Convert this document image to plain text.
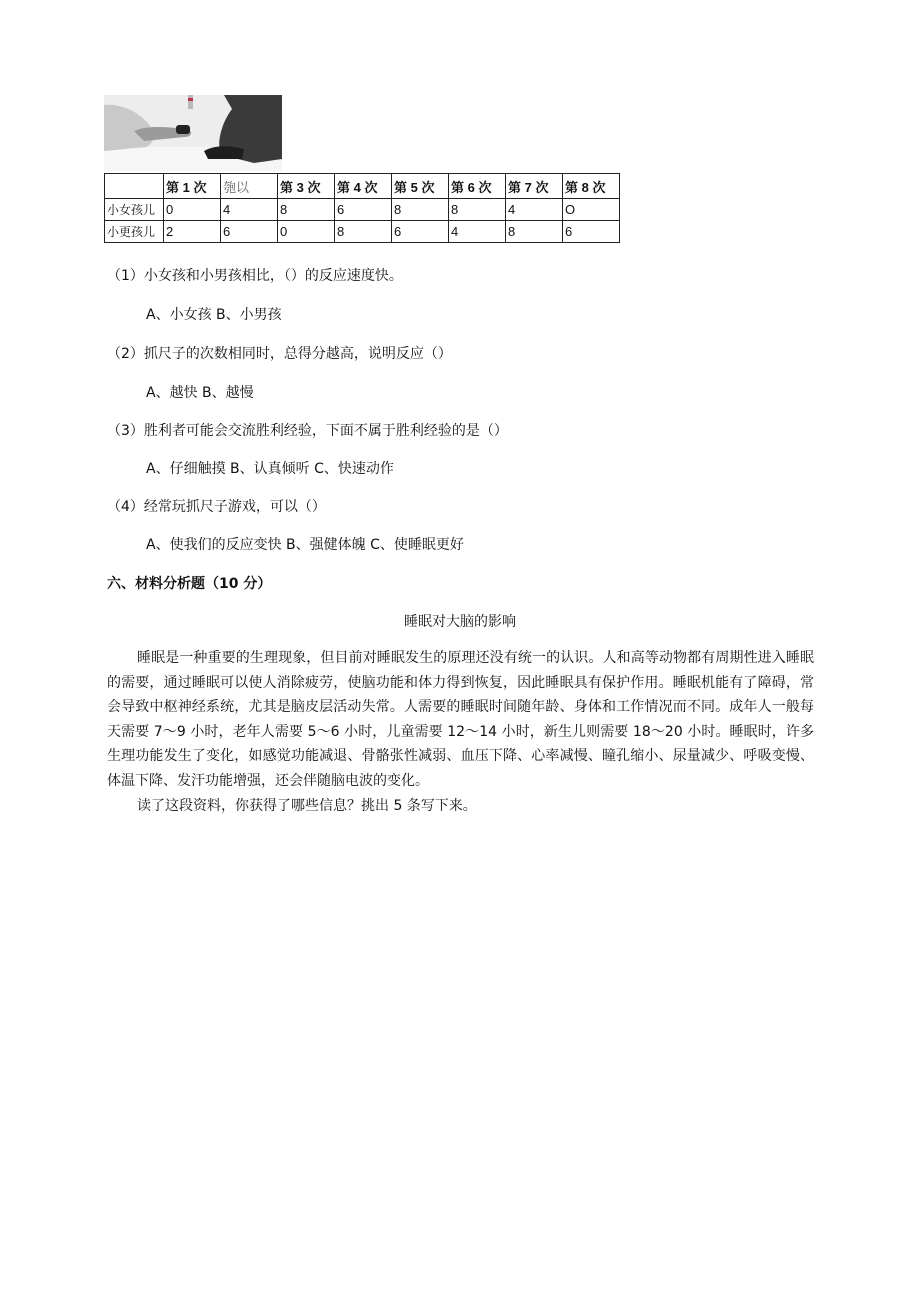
	第 1 次	匏以	第 3 次	第 4 次	第 5 次	第 6 次	第 7 次	第 8 次
小女孩儿	0	4	8	6	8	8	4	O
小更孩儿	2	6	0	8	6	4	8	6
（1）小女孩和小男孩相比，（）的反应速度快。
A、小女孩 B、小男孩
（2）抓尺子的次数相同时，总得分越高，说明反应（）
A、越快 B、越慢
（3）胜利者可能会交流胜利经验，下面不属于胜利经验的是（）
A、仔细触摸 B、认真倾听 C、快速动作
（4）经常玩抓尺子游戏，可以（）
A、使我们的反应变快 B、强健体魄 C、使睡眠更好
六、材料分析题（10 分）
睡眠对大脑的影响
睡眠是一种重要的生理现象，但目前对睡眠发生的原理还没有统一的认识。人和高等动物都有周期性进入睡眠的需要，通过睡眠可以使人消除疲劳，使脑功能和体力得到恢复，因此睡眠具有保护作用。睡眠机能有了障碍，常会导致中枢神经系统，尤其是脑皮层活动失常。人需要的睡眠时间随年龄、身体和工作情况而不同。成年人一般每天需要 7～9 小时，老年人需要 5～6 小时，儿童需要 12～14 小时，新生儿则需要 18～20 小时。睡眠时，许多生理功能发生了变化，如感觉功能减退、骨骼张性减弱、血压下降、心率减慢、瞳孔缩小、尿量减少、呼吸变慢、体温下降、发汗功能增强，还会伴随脑电波的变化。
读了这段资料，你获得了哪些信息？挑出 5 条写下来。
